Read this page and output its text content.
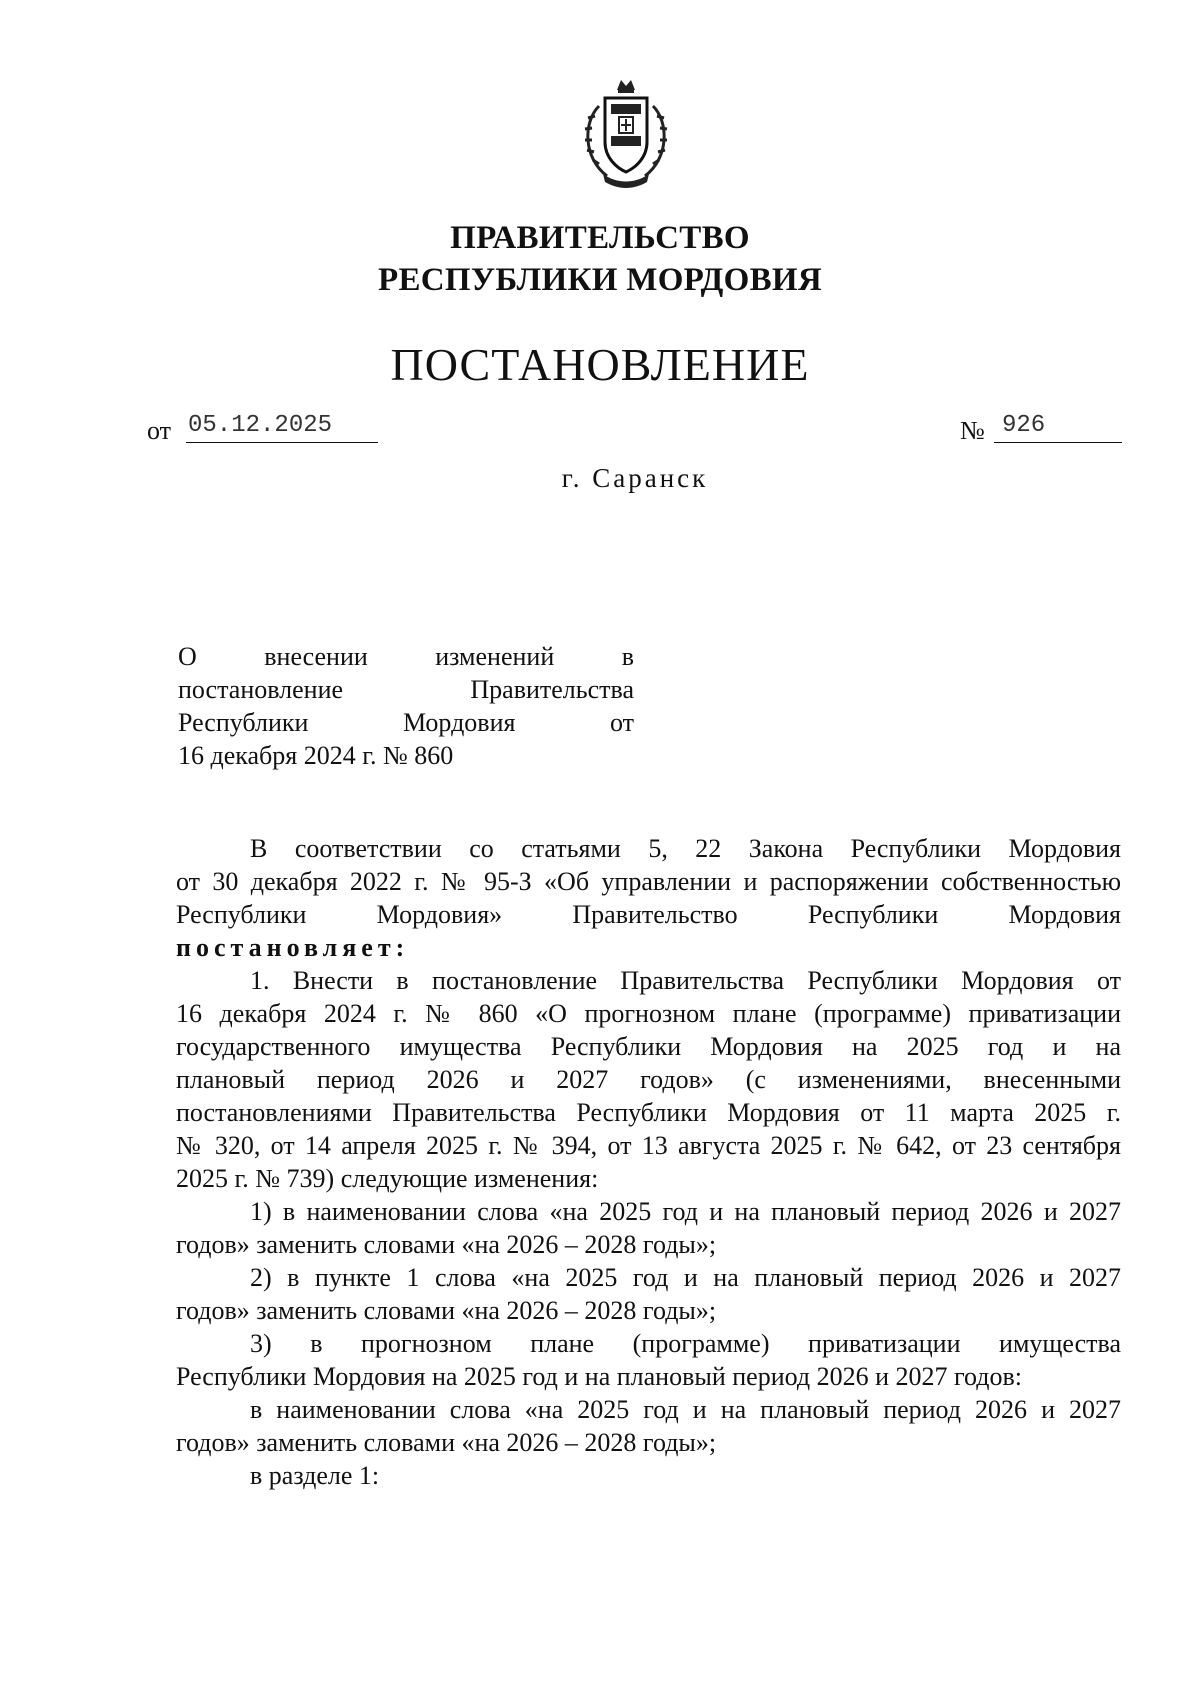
ПРАВИТЕЛЬСТВО
РЕСПУБЛИКИ МОРДОВИЯ
ПОСТАНОВЛЕНИЕ
от 05.12.2025	№ 926
г. Саранск
О внесении изменений в
постановление Правительства
Республики Мордовия от
16 декабря 2024 г. № 860
В соответствии со статьями 5, 22 Закона Республики Мордовия
от 30 декабря 2022 г. № 95-З «Об управлении и распоряжении собственностью
Республики Мордовия» Правительство Республики Мордовия
постановляет:
1. Внести в постановление Правительства Республики Мордовия от
16 декабря 2024 г. № 860 «О прогнозном плане (программе) приватизации
государственного имущества Республики Мордовия на 2025 год и на
плановый период 2026 и 2027 годов» (с изменениями, внесенными
постановлениями Правительства Республики Мордовия от 11 марта 2025 г.
№ 320, от 14 апреля 2025 г. № 394, от 13 августа 2025 г. № 642, от 23 сентября
2025 г. № 739) следующие изменения:
1) в наименовании слова «на 2025 год и на плановый период 2026 и 2027
годов» заменить словами «на 2026 – 2028 годы»;
2) в пункте 1 слова «на 2025 год и на плановый период 2026 и 2027
годов» заменить словами «на 2026 – 2028 годы»;
3) в прогнозном плане (программе) приватизации имущества
Республики Мордовия на 2025 год и на плановый период 2026 и 2027 годов:
в наименовании слова «на 2025 год и на плановый период 2026 и 2027
годов» заменить словами «на 2026 – 2028 годы»;
в разделе 1:
